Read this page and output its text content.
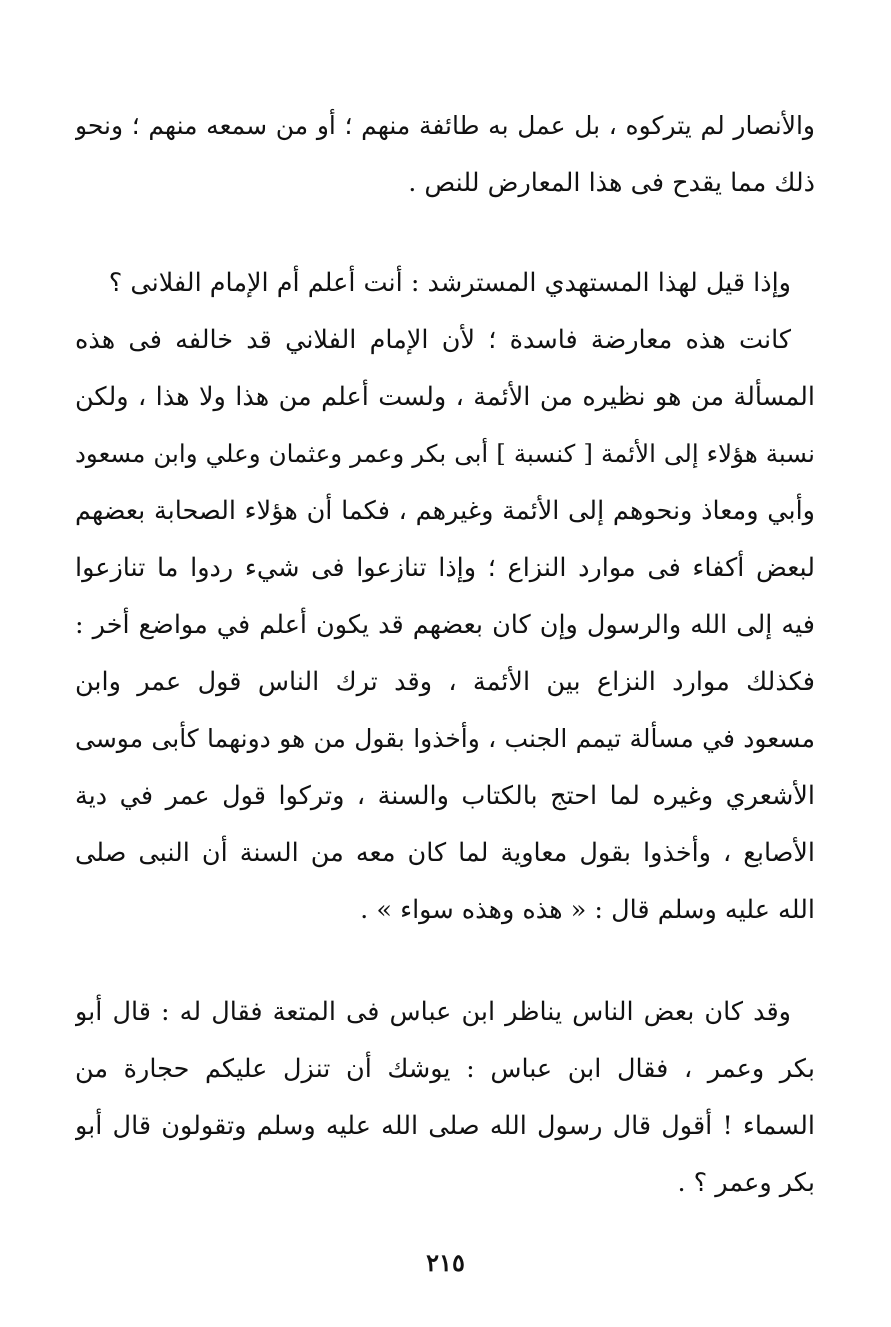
والأنصار لم يتركوه ، بل عمل به طائفة منهم ؛ أو من سمعه منهم ؛ ونحو
ذلك مما يقدح فى هذا المعارض للنص .
وإذا قيل لهذا المستهدي المسترشد : أنت أعلم أم الإمام الفلانى ؟
كانت هذه معارضة فاسدة ؛ لأن الإمام الفلاني قد خالفه فى هذه
المسألة من هو نظيره من الأئمة ، ولست أعلم من هذا ولا هذا ، ولكن
نسبة هؤلاء إلى الأئمة [ كنسبة ] أبى بكر وعمر وعثمان وعلي وابن مسعود
وأبي ومعاذ ونحوهم إلى الأئمة وغيرهم ، فكما أن هؤلاء الصحابة بعضهم
لبعض أكفاء فى موارد النزاع ؛ وإذا تنازعوا فى شيء ردوا ما تنازعوا
فيه إلى الله والرسول وإن كان بعضهم قد يكون أعلم في مواضع أخر :
فكذلك موارد النزاع بين الأئمة ، وقد ترك الناس قول عمر وابن
مسعود في مسألة تيمم الجنب ، وأخذوا بقول من هو دونهما كأبى موسى
الأشعري وغيره لما احتج بالكتاب والسنة ، وتركوا قول عمر في دية
الأصابع ، وأخذوا بقول معاوية لما كان معه من السنة أن النبى صلى
الله عليه وسلم قال : « هذه وهذه سواء » .
وقد كان بعض الناس يناظر ابن عباس فى المتعة فقال له : قال أبو
بكر وعمر ، فقال ابن عباس : يوشك أن تنزل عليكم حجارة من
السماء ! أقول قال رسول الله صلى الله عليه وسلم وتقولون قال أبو
بكر وعمر ؟ .
٢١٥
